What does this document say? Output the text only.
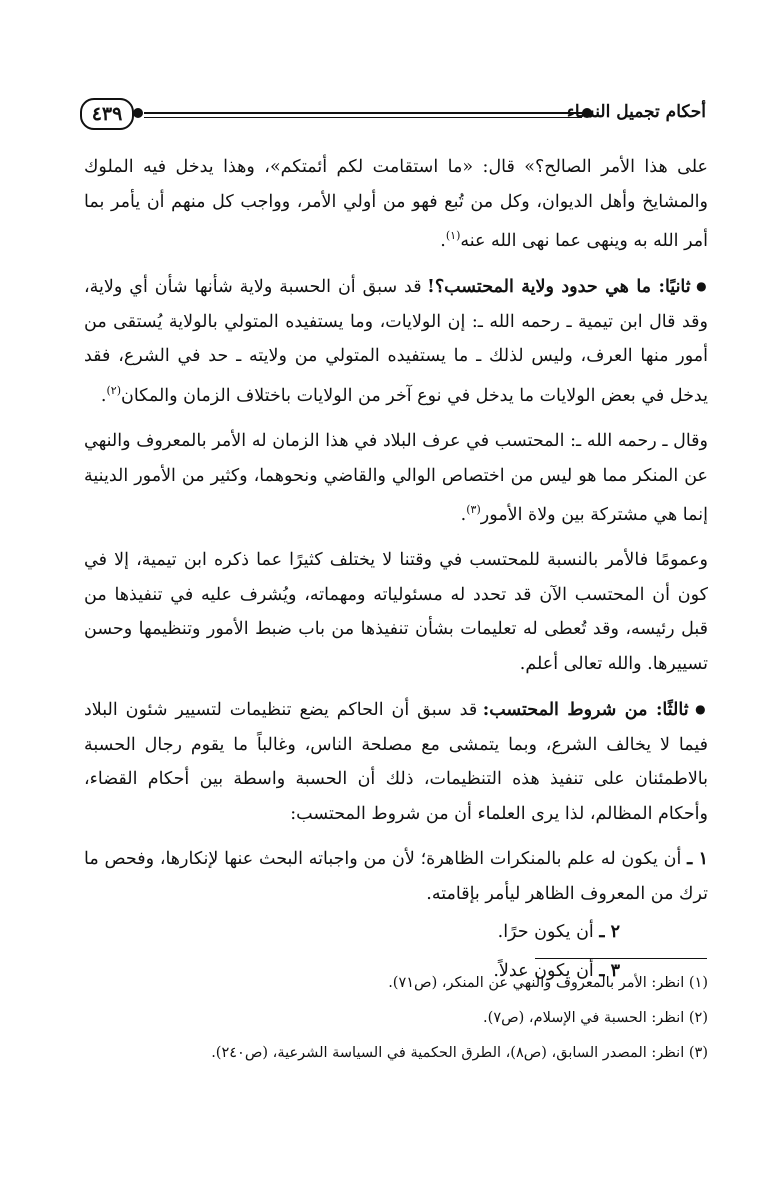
٤٣٩	أحكام تجميل النساء

على هذا الأمر الصالح؟» قال: «ما استقامت لكم أئمتكم»، وهذا يدخل فيه الملوك والمشايخ وأهل الديوان، وكل من تُبع فهو من أولي الأمر، وواجب كل منهم أن يأمر بما أمر الله به وينهى عما نهى الله عنه$^{(١)}$.

● ثانيًا: ما هي حدود ولاية المحتسب؟! قد سبق أن الحسبة ولاية شأنها شأن أي ولاية، وقد قال ابن تيمية ـ رحمه الله ـ: إن الولايات، وما يستفيده المتولي بالولاية يُستقى من أمور منها العرف، وليس لذلك ـ ما يستفيده المتولي من ولايته ـ حد في الشرع، فقد يدخل في بعض الولايات ما يدخل في نوع آخر من الولايات باختلاف الزمان والمكان$^{(٢)}$.

وقال ـ رحمه الله ـ: المحتسب في عرف البلاد في هذا الزمان له الأمر بالمعروف والنهي عن المنكر مما هو ليس من اختصاص الوالي والقاضي ونحوهما، وكثير من الأمور الدينية إنما هي مشتركة بين ولاة الأمور$^{(٣)}$.

وعمومًا فالأمر بالنسبة للمحتسب في وقتنا لا يختلف كثيرًا عما ذكره ابن تيمية، إلا في كون أن المحتسب الآن قد تحدد له مسئولياته ومهماته، ويُشرف عليه في تنفيذها من قبل رئيسه، وقد تُعطى له تعليمات بشأن تنفيذها من باب ضبط الأمور وتنظيمها وحسن تسييرها. والله تعالى أعلم.

● ثالثًا: من شروط المحتسب: قد سبق أن الحاكم يضع تنظيمات لتسيير شئون البلاد فيما لا يخالف الشرع، وبما يتمشى مع مصلحة الناس، وغالباً ما يقوم رجال الحسبة بالاطمئنان على تنفيذ هذه التنظيمات، ذلك أن الحسبة واسطة بين أحكام القضاء، وأحكام المظالم، لذا يرى العلماء أن من شروط المحتسب:

١ ـ أن يكون له علم بالمنكرات الظاهرة؛ لأن من واجباته البحث عنها لإنكارها، وفحص ما ترك من المعروف الظاهر ليأمر بإقامته.

٢ ـ أن يكون حرًا.

٣ ـ أن يكون عدلاً.

(١) انظر: الأمر بالمعروف والنهي عن المنكر، (ص٧١).
(٢) انظر: الحسبة في الإسلام، (ص٧).
(٣) انظر: المصدر السابق، (ص٨)، الطرق الحكمية في السياسة الشرعية، (ص٢٤٠).
